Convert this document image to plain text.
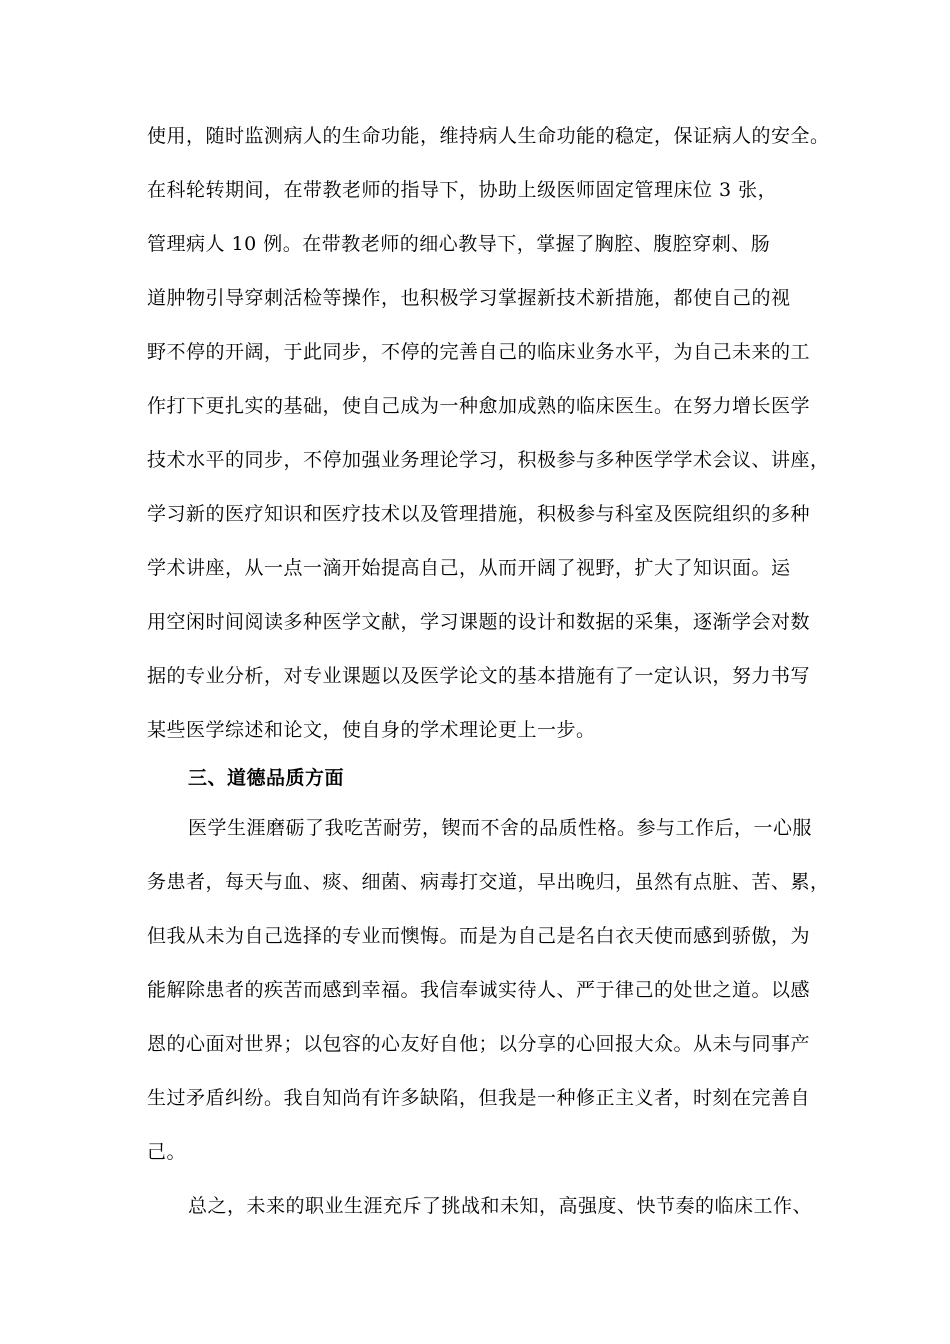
使用，随时监测病人的生命功能，维持病人生命功能的稳定，保证病人的安全。
在科轮转期间，在带教老师的指导下，协助上级医师固定管理床位 3 张，
管理病人 10 例。在带教老师的细心教导下，掌握了胸腔、腹腔穿刺、肠
道肿物引导穿刺活检等操作，也积极学习掌握新技术新措施，都使自己的视
野不停的开阔，于此同步，不停的完善自己的临床业务水平，为自己未来的工
作打下更扎实的基础，使自己成为一种愈加成熟的临床医生。在努力增长医学
技术水平的同步，不停加强业务理论学习，积极参与多种医学学术会议、讲座，
学习新的医疗知识和医疗技术以及管理措施，积极参与科室及医院组织的多种
学术讲座，从一点一滴开始提高自己，从而开阔了视野，扩大了知识面。运
用空闲时间阅读多种医学文献，学习课题的设计和数据的采集，逐渐学会对数
据的专业分析，对专业课题以及医学论文的基本措施有了一定认识，努力书写
某些医学综述和论文，使自身的学术理论更上一步。
三、道德品质方面
医学生涯磨砺了我吃苦耐劳，锲而不舍的品质性格。参与工作后，一心服
务患者，每天与血、痰、细菌、病毒打交道，早出晚归，虽然有点脏、苦、累，
但我从未为自己选择的专业而懊悔。而是为自己是名白衣天使而感到骄傲，为
能解除患者的疾苦而感到幸福。我信奉诚实待人、严于律己的处世之道。以感
恩的心面对世界；以包容的心友好自他；以分享的心回报大众。从未与同事产
生过矛盾纠纷。我自知尚有许多缺陷，但我是一种修正主义者，时刻在完善自
己。
总之，未来的职业生涯充斥了挑战和未知，高强度、快节奏的临床工作、
